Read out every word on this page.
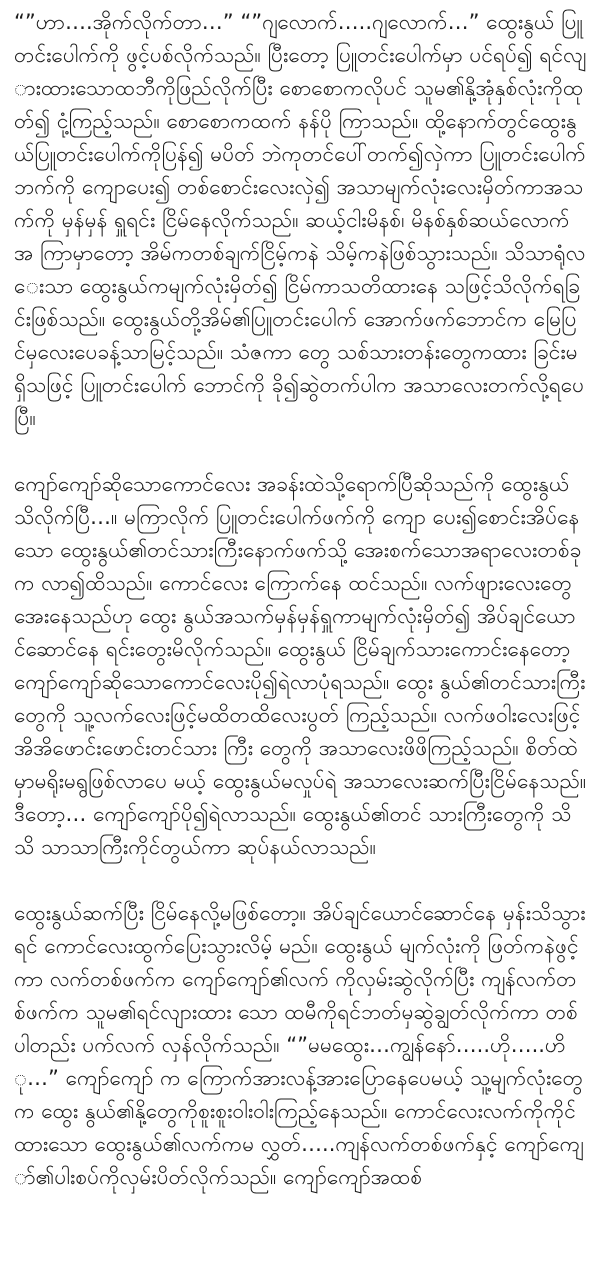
“”ဟာ….အိုက်လိုက်တာ…” “”ဂျလောက်…..ဂျလောက်…” ထွေးနွယ် ပြူတင်းပေါက်ကို ဖွင့်ပစ်လိုက်သည်။ ပြီးတော့ ပြူတင်းပေါက်မှာ ပင်ရပ်၍ ရင်လျားထားသောထဘီကိုဖြည်လိုက်ပြီး စောစောကလိုပင် သူမ၏နို့အုံနှစ်လုံးကိုထုတ်၍ ငုံ့ကြည့်သည်။ စောစောကထက် နန်ပို ကြာသည်။ ထို့နောက်တွင်ထွေးနွယ်ပြူတင်းပေါက်ကိုပြန်၍ မပိတ် ဘဲကုတင်ပေါ်တက်၍လှဲကာ ပြူတင်းပေါက်ဘက်ကို ကျောပေး၍ တစ်စောင်းလေးလှဲ၍ အသာမျက်လုံးလေးမှိတ်ကာအသက်ကို မှန်မှန် ရှူရင်း ငြိမ်နေလိုက်သည်။ ဆယ့်ငါးမိနစ်၊ မိနစ်နှစ်ဆယ်လောက်အ ကြာမှာတော့ အိမ်ကတစ်ချက်ငြိမ့်ကနဲ သိမ့်ကနဲဖြစ်သွားသည်။ သိသာရုံလေးသာ ထွေးနွယ်ကမျက်လုံးမှိတ်၍ ငြိမ်ကာသတိထားနေ သဖြင့်သိလိုက်ရခြင်းဖြစ်သည်။ ထွေးနွယ်တို့အိမ်၏ပြူတင်းပေါက် အောက်ဖက်ဘောင်က မြေပြင်မှလေးပေခန့်သာမြင့်သည်။ သံဇကာ တွေ သစ်သားတန်းတွေကထား ခြင်းမရှိသဖြင့် ပြူတင်းပေါက် ဘောင်ကို ခို၍ဆွဲတက်ပါက အသာလေးတက်လို့ရပေပြီ။

ကျော်ကျော်ဆိုသောကောင်လေး အခန်းထဲသို့ရောက်ပြီဆိုသည်ကို ထွေးနွယ်သိလိုက်ပြီ…။ မကြာလိုက် ပြူတင်းပေါက်ဖက်ကို ကျော ပေး၍စောင်းအိပ်နေသော ထွေးနွယ်၏တင်သားကြီးနောက်ဖက်သို့ အေးစက်သောအရာလေးတစ်ခုက လာ၍ထိသည်။ ကောင်လေး ကြောက်နေ ထင်သည်။ လက်ဖျားလေးတွေအေးနေသည်ဟု ထွေး နွယ်အသက်မှန်မှန်ရှူကာမျက်လုံးမှိတ်၍ အိပ်ချင်ယောင်ဆောင်နေ ရင်းတွေးမိလိုက်သည်။ ထွေးနွယ် ငြိမ်ချက်သားကောင်းနေတော့ ကျော်ကျော်ဆိုသောကောင်လေးပို၍ရဲလာပုံရသည်။ ထွေး နွယ်၏တင်သားကြီးတွေကို သူ့လက်လေးဖြင့်မထိတထိလေးပွတ် ကြည့်သည်။ လက်ဖဝါးလေးဖြင့် အိအိဖောင်းဖောင်းတင်သား ကြီး တွေကို အသာလေးဖိဖိကြည့်သည်။ စိတ်ထဲမှာမရိုးမရွဖြစ်လာပေ မယ့် ထွေးနွယ်မလှုပ်ရဲ အသာလေးဆက်ပြီးငြိမ်နေသည်။ ဒီတော့… ကျော်ကျော်ပို၍ရဲလာသည်။ ထွေးနွယ်၏တင် သားကြီးတွေကို သိသိ သာသာကြီးကိုင်တွယ်ကာ ဆုပ်နယ်လာသည်။

ထွေးနွယ်ဆက်ပြီး ငြိမ်နေလို့မဖြစ်တော့။ အိပ်ချင်ယောင်ဆောင်နေ မှန်းသိသွားရင် ကောင်လေးထွက်ပြေးသွားလိမ့် မည်။ ထွေးနွယ် မျက်လုံးကို ဖြတ်ကနဲဖွင့်ကာ လက်တစ်ဖက်က ကျော်ကျော်၏လက် ကိုလှမ်းဆွဲလိုက်ပြီး ကျန်လက်တစ်ဖက်က သူမ၏ရင်လျားထား သော ထမီကိုရင်ဘတ်မှဆွဲချွတ်လိုက်ကာ တစ်ပါတည်း ပက်လက် လှန်လိုက်သည်။ “”မမထွေး…ကျွန်နော်…..ဟို…..ဟို…” ကျော်ကျော် က ကြောက်အားလန့်အားပြောနေပေမယ့် သူ့မျက်လုံးတွေက ထွေး နွယ်၏နို့တွေကိုစူးစူးဝါးဝါးကြည့်နေသည်။ ကောင်လေးလက်ကိုကိုင် ထားသော ထွေးနွယ်၏လက်ကမ လွှတ်…..ကျန်လက်တစ်ဖက်နှင့် ကျော်ကျော်၏ပါးစပ်ကိုလှမ်းပိတ်လိုက်သည်။ ကျော်ကျော်အထစ်
